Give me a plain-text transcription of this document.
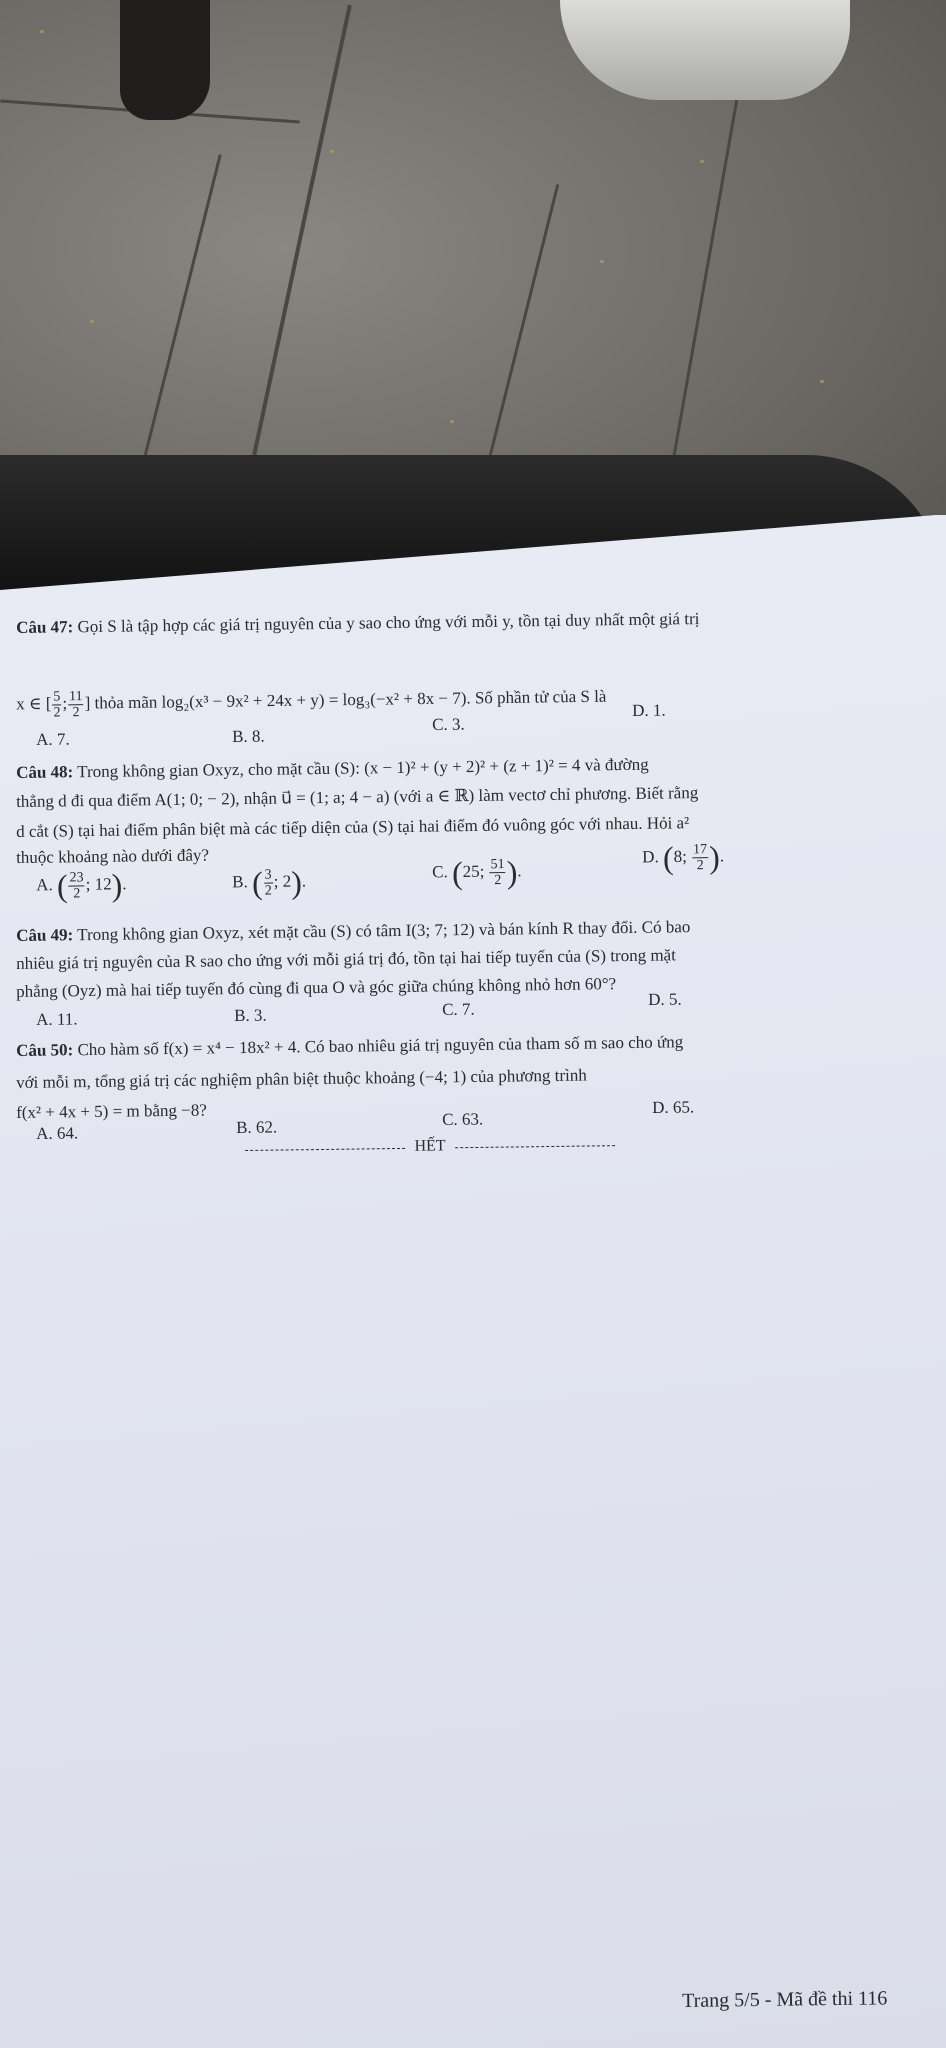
Câu 47: Gọi S là tập hợp các giá trị nguyên của y sao cho ứng với mỗi y, tồn tại duy nhất một giá trị
x ∈ [ $\frac{5}{2}$ ; $\frac{11}{2}$ ] thỏa mãn log₂(x³ − 9x² + 24x + y) = log₃(−x² + 8x − 7). Số phần tử của S là
A. 7.	B. 8.
C. 3.
D. 1.
Câu 48: Trong không gian Oxyz, cho mặt cầu (S): (x − 1)² + (y + 2)² + (z + 1)² = 4 và đường
thẳng d đi qua điểm A(1; 0; − 2), nhận u⃗ = (1; a; 4 − a) (với a ∈ ℝ) làm vectơ chỉ phương. Biết rằng
d cắt (S) tại hai điểm phân biệt mà các tiếp diện của (S) tại hai điểm đó vuông góc với nhau. Hỏi a²
thuộc khoảng nào dưới đây?
A. ( $\frac{23}{2}$ ; 12).	B. ( $\frac{3}{2}$ ; 2).	C. (25; $\frac{51}{2}$ ).
D. (8; $\frac{17}{2}$ ).
Câu 49: Trong không gian Oxyz, xét mặt cầu (S) có tâm I(3; 7; 12) và bán kính R thay đổi. Có bao
nhiêu giá trị nguyên của R sao cho ứng với mỗi giá trị đó, tồn tại hai tiếp tuyến của (S) trong mặt
phẳng (Oyz) mà hai tiếp tuyến đó cùng đi qua O và góc giữa chúng không nhỏ hơn 60°?
A. 11.	B. 3.	C. 7.
D. 5.
Câu 50: Cho hàm số f(x) = x⁴ − 18x² + 4. Có bao nhiêu giá trị nguyên của tham số m sao cho ứng
với mỗi m, tổng giá trị các nghiệm phân biệt thuộc khoảng (−4; 1) của phương trình
f(x² + 4x + 5) = m bằng −8?
A. 64.	B. 62.	C. 63.
D. 65.
HẾT
Trang 5/5 - Mã đề thi 116
